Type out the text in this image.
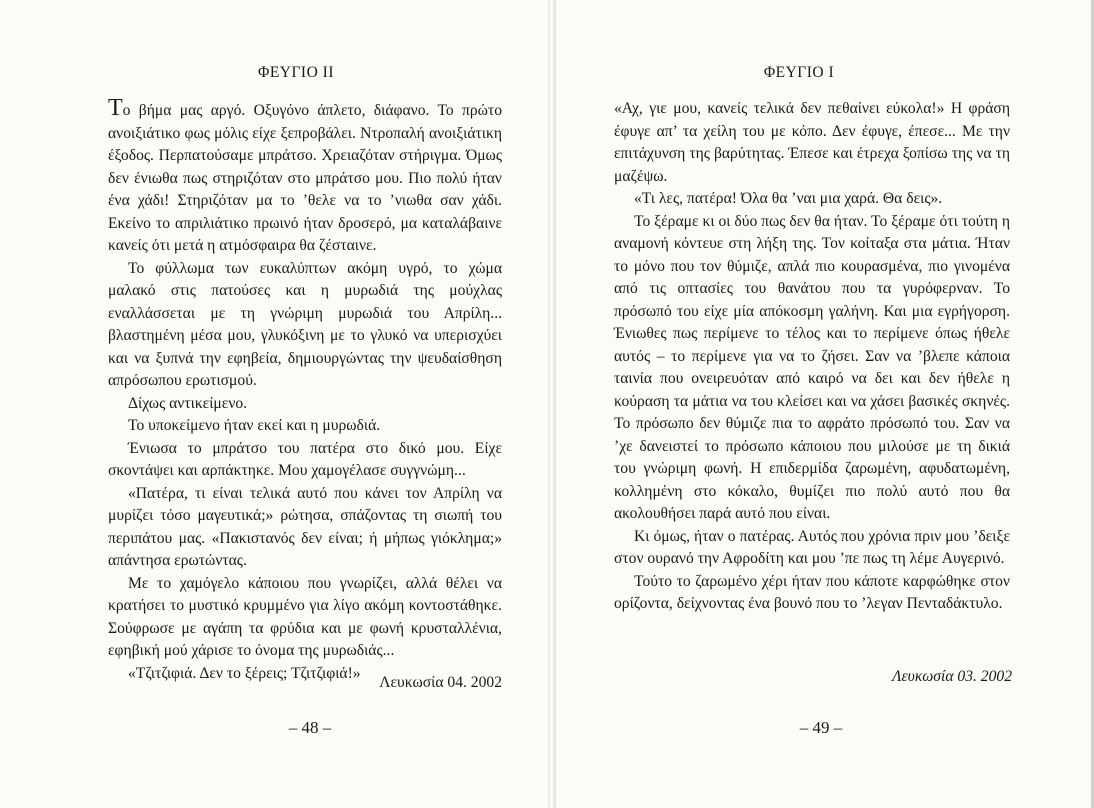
ΦΕΥΓΙΟ ΙΙ

Το βήμα μας αργό. Οξυγόνο άπλετο, διάφανο. Το πρώτο ανοιξιάτικο φως μόλις είχε ξεπροβάλει. Ντροπαλή ανοιξιάτικη έξοδος. Περπατούσαμε μπράτσο. Χρειαζόταν στήριγμα. Όμως δεν ένιωθα πως στηριζόταν στο μπράτσο μου. Πιο πολύ ήταν ένα χάδι! Στηριζόταν μα το ’θελε να το ’νιωθα σαν χάδι. Εκείνο το απριλιάτικο πρωινό ήταν δροσερό, μα καταλάβαινε κανείς ότι μετά η ατμόσφαιρα θα ζέσταινε.

Το φύλλωμα των ευκαλύπτων ακόμη υγρό, το χώμα μαλακό στις πατούσες και η μυρωδιά της μούχλας εναλλάσσεται με τη γνώριμη μυρωδιά του Απρίλη... βλαστημένη μέσα μου, γλυκόξινη με το γλυκό να υπερισχύει και να ξυπνά την εφηβεία, δημιουργώντας την ψευδαίσθηση απρόσωπου ερωτισμού.

Δίχως αντικείμενο.

Το υποκείμενο ήταν εκεί και η μυρωδιά.

Ένιωσα το μπράτσο του πατέρα στο δικό μου. Είχε σκοντάψει και αρπάκτηκε. Μου χαμογέλασε συγγνώμη...

«Πατέρα, τι είναι τελικά αυτό που κάνει τον Απρίλη να μυρίζει τόσο μαγευτικά;» ρώτησα, σπάζοντας τη σιωπή του περιπάτου μας. «Πακιστανός δεν είναι; ή μήπως γιόκλημα;» απάντησα ερωτώντας.

Με το χαμόγελο κάποιου που γνωρίζει, αλλά θέλει να κρατήσει το μυστικό κρυμμένο για λίγο ακόμη κοντοστάθηκε. Σούφρωσε με αγάπη τα φρύδια και με φωνή κρυσταλλένια, εφηβική μού χάρισε το όνομα της μυρωδιάς...

«Τζιτζιφιά. Δεν το ξέρεις; Τζιτζιφιά!»

Λευκωσία 04. 2002
– 48 –
ΦΕΥΓΙΟ Ι

«Αχ, γιε μου, κανείς τελικά δεν πεθαίνει εύκολα!» Η φράση έφυγε απ’ τα χείλη του με κόπο. Δεν έφυγε, έπεσε... Με την επιτάχυνση της βαρύτητας. Έπεσε και έτρεχα ξοπίσω της να τη μαζέψω.

«Τι λες, πατέρα! Όλα θα ’ναι μια χαρά. Θα δεις».

Το ξέραμε κι οι δύο πως δεν θα ήταν. Το ξέραμε ότι τούτη η αναμονή κόντευε στη λήξη της. Τον κοίταξα στα μάτια. Ήταν το μόνο που τον θύμιζε, απλά πιο κουρασμένα, πιο γινομένα από τις οπτασίες του θανάτου που τα γυρόφερναν. Το πρόσωπό του είχε μία απόκοσμη γαλήνη. Και μια εγρήγορση. Ένιωθες πως περίμενε το τέλος και το περίμενε όπως ήθελε αυτός – το περίμενε για να το ζήσει. Σαν να ’βλεπε κάποια ταινία που ονειρευόταν από καιρό να δει και δεν ήθελε η κούραση τα μάτια να του κλείσει και να χάσει βασικές σκηνές. Το πρόσωπο δεν θύμιζε πια το αφράτο πρόσωπό του. Σαν να ’χε δανειστεί το πρόσωπο κάποιου που μιλούσε με τη δικιά του γνώριμη φωνή. Η επιδερμίδα ζαρωμένη, αφυδατωμένη, κολλημένη στο κόκαλο, θυμίζει πιο πολύ αυτό που θα ακολουθήσει παρά αυτό που είναι.

Κι όμως, ήταν ο πατέρας. Αυτός που χρόνια πριν μου ’δειξε στον ουρανό την Αφροδίτη και μου ’πε πως τη λέμε Αυγερινό.

Τούτο το ζαρωμένο χέρι ήταν που κάποτε καρφώθηκε στον ορίζοντα, δείχνοντας ένα βουνό που το ’λεγαν Πενταδάκτυλο.

Λευκωσία 03. 2002
– 49 –
